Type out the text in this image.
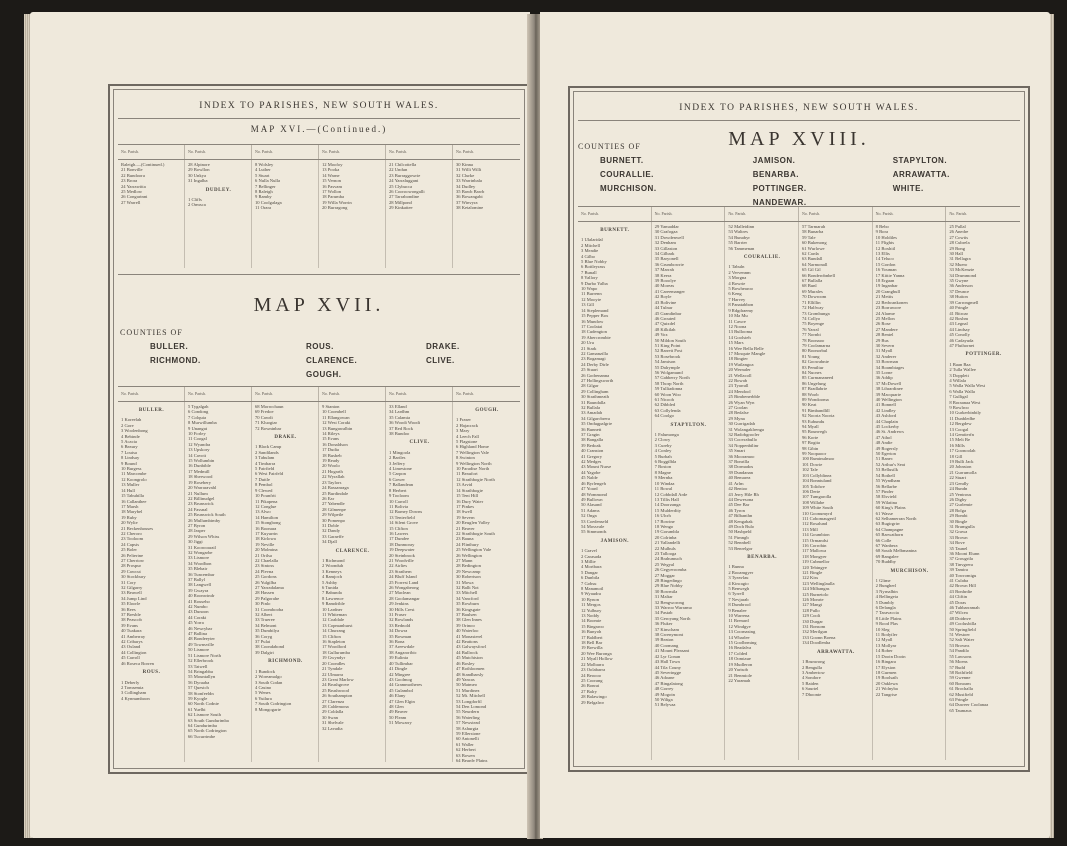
INDEX TO PARISHES, NEW SOUTH WALES.
MAP XVI.—(Continued.)
No. Parish.	No. Parish.	No. Parish.	No. Parish.	No. Parish.	No. Parish.
Raleigh.—(Continued.)
21 Bonville
22 Bundoora
23 Brora
24 Yarrawitta
25 Medlow
26 Congarinni
27 Warrell
28 Alpinore
29 Bowllon
30 Unkya
31 Ingalba
DUDLEY.
1 Cliffs
2 Ormsca
8 Wolsley
4 Luther
5 Stuart
6 Nulla Nulla
7 Bellinger
8 Raleigh
9 Ramby
10 Coolgalaga
11 Orara
12 Moofoy
13 Pooka
14 Warne
15 Vernon
16 Pasvam
17 Wollon
18 Parumba
19 Willa Worrin
20 Burragong
21 Chilcottella
22 Undun
23 Burraggowrie
24 Yarraluggani
25 Clybucca
26 Cooroowongalli
27 Tarrabondine
28 Millpond
29 Kinkattee
30 Kinna
31 Willi Willi
32 Clurke
33 Warrinbala
34 Dudley
35 Bawb Bawb
36 Bowangabi
37 Winvyra
38 Ketalomine
MAP XVII.
COUNTIES OF
BULLER.	ROUS.	DRAKE.
RICHMOND.	CLARENCE.	CLIVE.
GOUGH.
No. Parish.	No. Parish.	No. Parish.	No. Parish.	No. Parish.	No. Parish.
BULLER.
1 Koreelah
2 Gore
3 Woolenbong
4 Bebinde
5 Acacia
6 Beaury
7 Louisa
8 Lindsay
9 Bound
10 Burgess
11 Marcombe
12 Koongrolo
13 Muller
14 Hull
15 Tabuhilla
16 Callanthee
17 Marsh
18 Marybel
19 Ruby
20 Wylie
21 Beckenhouses
22 Cheroro
23 Tooloom
24 Capsis
25 Boler
26 Pelterine
27 Cherriow
28 Prospur
29 Cawcut
30 Stockbury
31 Cory
32 Gilgarry
33 Beawell
34 Jump Lind
35 Eloorle
36 Rees
37 Bresble
38 Peascob
39 Evans
40 Tuakara
41 Amberray
42 Cribarys
43 Oxland
44 Collington
45 Carroll
46 Roseca Borren
ROUS.
1 Deberly
2 Tomsemia
3 Collingham
4 Kynnumboon
5 Tygalgah
6 Condong
7 Colquia
8 Murwillumba
9 Unangat
10 Forley
11 Coogal
12 Wyandra
13 Upskory
14 Cavott
15 Wollumbin
16 Dunbible
17 Medmill
18 Sherwood
19 Rosebery
20 Warraravahl
21 Nullum
22 Billinudgel
23 Brunswick
24 Fassnal
25 Brunswick South
26 Mullumbimby
27 Byron
28 Jasper
29 Wilson Whiss
30 Jiggi
31 Koorooarail
32 Wongarbe
33 Lismore
34 Woodbon
35 Blebair
36 Tuncembar
37 Ballyl
38 Langwell
39 Gwayra
40 Roonwindr
41 Rouseho
42 Numbo
43 Dunoon
44 Coraki
45 Yorra
46 Newrybar
47 Ballina
48 Bondeeyter
49 Townsville
50 Lismore
51 Lismore North
52 Ellerbrook
53 Tatwell
54 Bringabba
55 Mountallyn
56 Dyraaba
57 Questch
58 Stonfeeldn
59 Kyogle
60 North Codnie
61 Yuelbi
62 Lismore South
63 South Gundurimba
64 Gundurimba
65 North Codrington
66 Tucurrimbe
68 Morrochaun
69 Fredoe
70 Cawdi
71 Kluogiar
72 Bowninbar
DRAKE.
1 Black Camp
2 Sandilands
3 Tabulam
4 Timbarra
5 Fairfield
6 West Fairfeld
7 Duttle
8 Pembol
9 Clewed
10 Pounfrit
11 Pikapena
12 Conglue
13 Alwo
14 Hamilton
15 Stongbong
16 Boonara
17 Kuyurrin
18 Kirlowa
19 Neville
20 Molmina
21 Orilsa
22 Chaelalla
23 Sintoss
24 Plevna
25 Gordons
26 Yulgilba
27 Yarradalama
28 Hassen
29 Palgorahe
30 Pinlo
31 Coombooba
32 Albert
33 Trueree
34 Belmont
35 Dumbilya
36 Coryg
37 Pulai
38 Coondabond
39 Dalgiri
RICHMOND.
1 Bundock
2 Woreamalgo
3 South Codan
4 Casino
5 Wenes
6 Yuilura
7 South Codrington
8 Mongogarie
9 Stanton
10 Coombell
11 Ellangowan
12 West Coraki
13 Bungawalbin
14 Rileys
15 Evans
16 Donaldson
17 Dudia
18 Busbeb
19 Ready
20 Woolo
21 Hogarth
22 Wyrallah
23 Taylors
24 Bassanraga
25 Burdindale
26 Ear
27 Yabendle
28 Gilmenpe
29 Wilpeile
30 Pomenpo
31 Doble
32 Dandy
33 Garaeffe
34 Djall
CLARENCE.
1 Richmond
2 Woonduh
3 Kenneys
4 Ramjoch
5 Ashby
6 Tunida
7 Babunda
8 Lawrence
9 Ramdrible
10 Lardner
11 Whiteman
12 Coaldale
13 Copmanhurst
14 Churrang
15 Clifton
16 Stapleton
17 Woodford
18 Gullurumba
19 Gwyndyr
20 Coondles
21 Tyndale
22 Ulmarra
23 Great Marlow
24 Brushgrove
25 Brushwood
26 Southampton
27 Clarenza
28 Caldemona
29 Coldalla
30 Swan
31 Shelvale
32 Lavadia
33 Elland
34 Lardhm
35 Calamia
36 Woodi Woodi
37 Red Rock
38 Bundoo
CLIVE.
1 Mingoola
2 Bartles
3 Jeffery
4 Limestone
5 Carpon
6 Gower
7 Ballandean
8 Herbert
9 Tooloom
10 Carroll
11 Bolivia
12 Barney Downs
13 Tenterfield
14 Silent Grove
15 Clifton
16 Lawers
17 Dundee
18 Dunmoray
19 Deepwater
20 Steinbrook
21 Woodville
22 Airlies
23 Strathern
24 Bluff Island
25 Forrest Land
26 Wongabeong
27 Maclean
28 Goolamangar
29 Jenkins
30 Hills Crest
31 Fraser
32 Rowlands
33 Rednold
34 Dowra
35 Bowman
36 Bona
37 Areewdale
38 Angaroribic
39 Eulinia
40 Tullimbar
41 Dingle
42 Mingree
43 Goolmog
44 Grammotheres
45 Gulambol
46 Elany
47 Glen Elgin
48 Glen
49 Beaver
50 Fleam
51 Mowarry
GOUGH.
1 Fraser
2 Hajacrack
3 Mary
4 Leech Fall
5 Flagstone
6 Highland Home
7 Wellington Vale
8 Swinton
9 Wellington North
10 Paradise North
11 Beaufort
12 Strathbogie North
13 Arvid
14 Strathbogie
15 Tent Hill
16 Dury Water
17 Pinkes
18 Swell
19 Severn
20 Reuglen Valley
21 Beaver
22 Strathbogie South
23 Bauna
24 Flinthury
25 Wellington Vale
26 Wellington
27 Mann
28 Bedington
29 Newcamp
30 Robertson
31 Mowa
32 Ballt Not
33 Mitchell
34 Vancford
35 Rowburn
36 Kingsgate
37 Baulsen
38 Glen Innes
39 Orinoo
40 Waterloo
41 Monasterel
42 Beattons
43 Galwaysfowl
44 Bullrock
45 Mutchiston
46 Bosley
47 Rothloomen
48 Standbarsly
49 Yancas
50 Matmeo
51 Murdinez
52 Mt. Mitchell
53 Longdorfil
54 Den Lomond
55 Neurdern
56 Waterling
57 Newstead
58 Ashurgia
59 Ellerstone
60 Antonelli
61 Waller
62 Herbert
63 Bowen
64 Beardy Plains
INDEX TO PARISHES, NEW SOUTH WALES.
MAP XVIII.
COUNTIES OF
BURNETT.	JAMISON.	STAPYLTON.
COURALLIE.	BENARBA.	ARRAWATTA.
MURCHISON.	POTTINGER.	WHITE.
NANDEWAR.
No. Parish.	No. Parish.	No. Parish.	No. Parish.	No. Parish.	No. Parish.
BURNETT.
1 Ulalaridal
2 Mitchell
3 Meadie
4 Gilbo
5 Blue Nobby
6 Bottleyrass
7 Bunall
8 Yallory
9 Durbo Yalba
10 Wapo
11 Burrenn
12 Mooyie
13 Gill
14 Steplemand
15 Pepper Box
16 Mundow
17 Coolatai
18 Cudengton
19 Abercrombie
20 Uru
21 Stark
22 Gamanzilla
23 Bogamagi
24 Derby Dirle
25 Stuart
26 Godrenanna
27 Hollingsworth
28 Gilgar
29 Collingham
30 Strathmeath
31 Baundalla
32 Bullala
33 Amadah
34 Gilgarcbrera
35 Ondugpalgrie
36 Bunnett
37 Gragin
38 Bangalla
39 Bedoak
40 Cranston
41 Gregory
42 Medges
43 Mount Nurse
44 Yagobe
45 Nalde
46 Byrlengeh
47 Yoard
48 Wommond
49 Bullown
50 Alasand
51 Adams
52 Onga
53 Coedenseld
54 Mossvale
55 Simmonds
JAMISON.
1 Gravel
2 Carasada
3 Millie
4 Mortbara
5 Dangar
6 Dunbila
7 Gobsu
8 Manamoil
9 Wyaudra
10 Bynon
11 Mergos
12 Yulbury
13 Noddy
14 Boomie
15 Bingaroo
16 Bunyoh
17 Baldberi
18 Bell Bar
19 Brewilla
20 Wee Buronga
21 Myall Hollow
22 Molbarra
23 Oolabarra
24 Beoooo
25 Coorang
26 Bonrai
27 Balry
28 Balawingo
29 Belgalror
29 Yamaddar
30 Grafogaa
31 Dowdenwell
32 Denham
33 Gillaston
34 Gilbark
35 Baryonell
36 Grumbowrie
37 Marrah
38 Keera
39 Booolye
40 Moreas
41 Careemanger
42 Boyle
43 Bolivine
44 Tulnar
45 Grandinbar
46 Grouted
47 Quixdel
48 Kilkilah
49 Vox
50 Mildon South
51 King Point
52 Barrett Post
53 Rosebrook
54 Jamison
55 Dalrymple
56 Wolgamund
57 Gabberry North
58 Thorp North
59 Tulliadonna
60 Woon Woo
61 Nicooh
62 Dibbled
63 Collylenda
64 Coolgo
STAPYLTON.
1 Falumonga
2 Clowy
3 Cureby
4 Conley
5 Burbah
6 Boggilbla
7 Boston
8 Magne
9 Mernba
10 Windaa
11 Bowal
12 Cobbdall Arde
13 Tillis Hall
14 Doorzanga
15 Mulderdity
16 Ulcrh
17 Bowine
18 Wengo
19 Gorumbla
20 Colrinba
21 Yallandelli
22 Mulbuls
23 Tallooga
24 Brahumuch
25 Wegyal
26 Gegyeroomba
27 Moggar
28 Bingedingo
29 Blue Nobby
30 Bowmila
31 Maltar
32 Bengworong
33 Warroo Warramo
34 Pastab
35 Geroyang North
36 Fluker
37 Kinscham
38 Gwenymont
39 Beaton
40 Coomang
41 Mount Pleasant
42 Lyr Gonan
43 Hall Town
44 Tila Couny
45 Severingge
46 Adoane
47 Bingalatong
48 Gorrey
49 Mogoin
50 Wiliga
51 Belyvaa
52 Malleidinn
53 Waltres
54 Bunabyr
55 Barrier
56 Tammenan
COURALLIE.
1 Tabuln
2 Vervennm
3 Morgna
4 Bowrie
5 Bowhearoo
6 Keng
7 Harvey
8 Panatabbon
9 Rdgdraemy
10 Ma Mu
11 Cawre
12 Noona
13 Bullooma
14 Goolsteh
15 Mars
16 Wee Bella Belle
17 Mosqute Mangle
18 Bingier
19 Wailangoa
20 Wernaler
21 Wellacoll
22 Bowab
23 Tyarrall
24 Mendool
25 Bimbenerbble
26 Wyan Wyn
27 Goolan
28 Bedalse
29 Myna
30 Gurrigadah
31 Wolangaklrenga
32 Badobgrooler
33 Coovrabullo
34 Noppenbilinr
35 Smart
36 Mooramoo
37 Bonrilla
38 Dormados
39 Dundanan
40 Bemarea
41 Arlm
42 Bentoo
43 Jerry Hile Rh
44 Dewesona
45 Dee Bar
46 Tyron
47 Bilbanthn
48 Kengabak
49 Doch Bulo
50 Hasbpeld
51 Pirnngb
52 Bennbell
53 Benrelgor
BENARBA.
1 Bunna
2 Booamgyer
3 Tyeavlau
4 Kincagio
5 Benwegh
6 Tyrrell
7 Nevjarab
8 Dumbrool
9 Benalee
10 Warrena
11 Brenard
12 Windgye
13 Coornasing
14 Wbarlee
15 Goolbrming
16 Beadalva
17 Colded
18 Oomiaue
19 Mudleron
20 Yarisob
21 Benmiole
22 Yaramah
57 Tarmarah
58 Bunarba
59 Tale
60 Bukenong
61 Wurlowe
62 Carda
63 Bundall
64 Narmonall
65 Gil Gil
66 Bonderobnbell
67 Bullalla
68 Bunl
69 Murales
70 Dowroom
71 Ellillin
72 Halfway
73 Grombunga
74 Collyo
75 Boyenge
76 Yarral
77 Nornbi
78 Boonaoo
79 Coolamarna
80 Boonorbul
81 Young
82 Goowabnie
83 Pemiltur
84 Nucnes
85 Curmananeed
86 Ungelung
87 Bradlabrie
88 Woob
89 Wondooma
90 Keat
91 Bimbandlill
92 Nooria Nooria
93 Eubundu
94 Myall
95 Bounvegh
96 Korte
97 Bogita
98 Gibin
99 Noopaoor
100 Ruminulmoo
101 Dowie
102 Tale
103 Collyblinea
104 Bonniuland
105 Tolidwe
106 Derie
107 Tumgarolla
108 Willabe
109 White South
110 Goonumyrd
111 Cobomaugeril
112 Rosalund
113 Mill
114 Goumbion
115 Ormandsi
116 Corrobin
117 Mallowa
118 Mongyer
119 Cubmellor
120 Tebingye
121 Bingle
122 Kiss
123 Wellinglaulla
124 Milbangas
125 Burnetolo
126 Monrie
127 Mangi
128 Pullo
129 Cooli
130 Durgar
131 Bonsom
132 Merilgun
133 Goonn Boena
134 Doodlenha
ARRAWATTA.
1 Brunwong
2 Bengulla
3 Ambertow
4 Sondore
5 Baiden
6 Saurtel
7 Dhoonte
8 Bebo
9 Bora
10 Holdiles
11 Flights
12 Boxhiil
13 Ellis
14 Teluco
15 Gordon
16 Youman
17 Kittie Yanna
18 Ergaan
19 Inganbar
20 Grangbull
21 Mettis
22 Bedwankonen
23 Borrawore
24 Alarme
25 Mellon
26 Rose
27 Mandere
28 Bentel
29 Bus
30 Severn
31 Myall
32 Anderer
33 Bowman
34 Boambiages
35 Lorne
36 Addip
37 McDowell
38 Lihrardinee
39 Macquarie
40 Wellington
41 Bonnell
42 Lindley
43 Ashford
44 Chaplain
45 Lockerby
46 St. Andrews
47 Athol
48 Andie
49 Rogersly
50 Egerton
51 Banec
52 Arthur's Seat
53 Bellusilk
54 Bothell
55 Wyndham
56 Bellarbe
57 Pinder
58 Elsvield
59 Wilatina
60 King's Plains
61 Wasse
62 Selhamerran North
63 Bugirgrirr
64 Champagne
65 Barwathorn
66 Colle
67 Wanbera
68 South Melbmanina
69 Bangalee
70 Buddby
MURCHISON.
1 Glime
2 Bungherl
3 Nyrnalbin
4 Bellingeia
5 Dumbly
6 Delangla
7 Taravaccia
8 Little Plains
9 Rood Plas
10 Sleg
11 Bodyiler
12 Myall
13 Mollyar
14 Rober
15 Dooin Dooin
16 Bingara
17 Elysion
18 Gurmen
19 Boolsaih
20 Oaklewa
21 Wolnyba
22 Tangrise
25 Pullal
26 Anedre
27 Cowtis
28 Cubrela
29 Bong
30 Hall
31 Bellagra
32 Muero
33 McKenzie
34 Drummond
35 Gwyne
36 Anderson
37 Deunce
38 Hutton
39 Carrongmell
40 Pringle
41 Bitroar
42 Boshm
43 Legnal
44 Lindsay
45 Conolly
46 Cadayuda
47 Fluthornet
POTTINGER.
1 Baan Baa
2 Tulla Wallee
3 Dopplett
4 Willala
5 Walla Walla West
6 Walla Walla
7 Gulligal
8 Boraanaa West
9 Bowlroo
10 Gurkerbinbily
11 Dunbledbe
12 Bergdew
13 Coogal
14 Gemtierfn
15 Melt Be
16 Mills
17 Goonoolah
18 Gill
19 Bulli Jack
20 Johnston
21 Gurrumolla
22 Stuart
23 Gendly
24 Bundn
25 Ventrous
26 Digby
27 Gurlemie
28 Bolga
29 Bombi
30 Bingle
31 Brumgulla
32 Grawa
33 Brown
34 Bove
35 Taunel
36 Mooni Elunn
37 Grougrila
38 Tinvgrera
39 Tamira
40 Towromigu
41 Culaba
42 Brown Hill
43 Bonhrdie
44 Cliftin
45 Doras
46 Tuhbarramah
47 Wilcea
48 Doidnve
49 Coolusbilla
50 Springfield
51 Westoer
52 Salt Water
53 Browns
54 Pandilo
55 Lawsons
56 Moens
57 Budd
58 Rothfield
59 Gwenne
60 Bonoam
61 Brochalla
62 Mustfield
63 Pringle
64 Duweer Coolanaa
65 Taumaus
